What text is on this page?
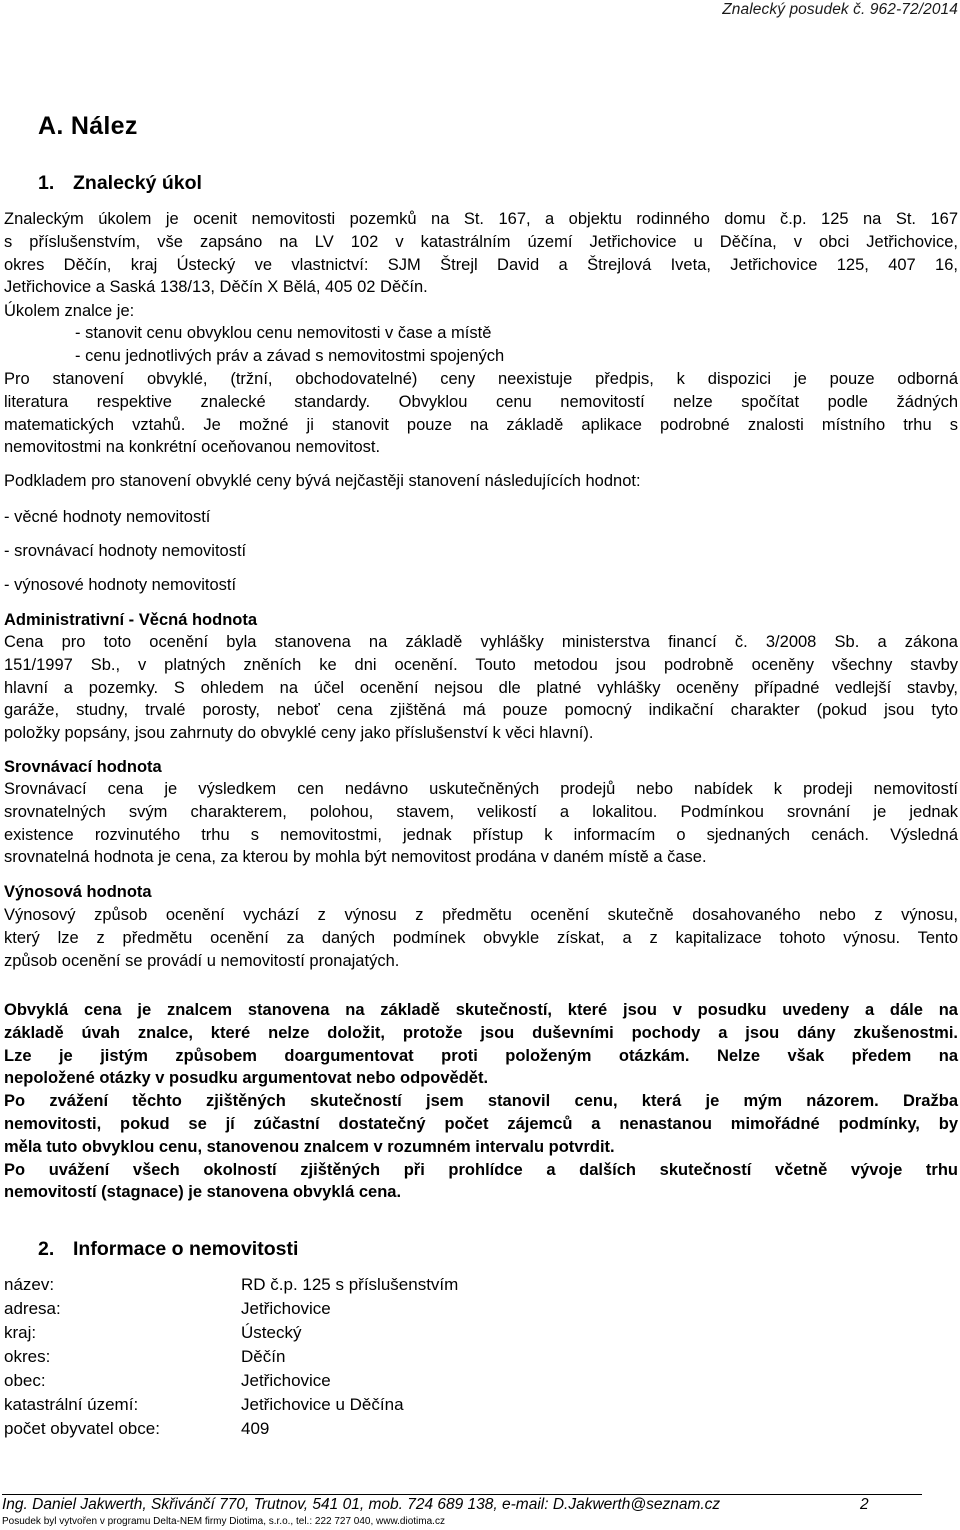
Znalecký posudek č. 962-72/2014
A. Nález
1. Znalecký úkol
Znaleckým úkolem je ocenit nemovitosti pozemků na St. 167, a objektu rodinného domu č.p. 125 na St. 167
s příslušenstvím, vše zapsáno na LV 102 v katastrálním území Jetřichovice u Děčína, v obci Jetřichovice,
okres Děčín, kraj Ústecký ve vlastnictví: SJM Štrejl David a Štrejlová Iveta, Jetřichovice 125, 407 16,
Jetřichovice a Saská 138/13, Děčín X Bělá, 405 02 Děčín.
Úkolem znalce je:
- stanovit cenu obvyklou cenu nemovitosti v čase a místě
- cenu jednotlivých práv a závad s nemovitostmi spojených
Pro stanovení obvyklé, (tržní, obchodovatelné) ceny neexistuje předpis, k dispozici je pouze odborná
literatura respektive znalecké standardy. Obvyklou cenu nemovitostí nelze spočítat podle žádných
matematických vztahů. Je možné ji stanovit pouze na základě aplikace podrobné znalosti místního trhu s
nemovitostmi na konkrétní oceňovanou nemovitost.
Podkladem pro stanovení obvyklé ceny bývá nejčastěji stanovení následujících hodnot:
- věcné hodnoty nemovitostí
- srovnávací hodnoty nemovitostí
- výnosové hodnoty nemovitostí
Administrativní - Věcná hodnota
Cena pro toto ocenění byla stanovena na základě vyhlášky ministerstva financí č. 3/2008 Sb. a zákona
151/1997 Sb., v platných zněních ke dni ocenění. Touto metodou jsou podrobně oceněny všechny stavby
hlavní a pozemky. S ohledem na účel ocenění nejsou dle platné vyhlášky oceněny případné vedlejší stavby,
garáže, studny, trvalé porosty, neboť cena zjištěná má pouze pomocný indikační charakter (pokud jsou tyto
položky popsány, jsou zahrnuty do obvyklé ceny jako příslušenství k věci hlavní).
Srovnávací hodnota
Srovnávací cena je výsledkem cen nedávno uskutečněných prodejů nebo nabídek k prodeji nemovitostí
srovnatelných svým charakterem, polohou, stavem, velikostí a lokalitou. Podmínkou srovnání je jednak
existence rozvinutého trhu s nemovitostmi, jednak přístup k informacím o sjednaných cenách. Výsledná
srovnatelná hodnota je cena, za kterou by mohla být nemovitost prodána v daném místě a čase.
Výnosová hodnota
Výnosový způsob ocenění vychází z výnosu z předmětu ocenění skutečně dosahovaného nebo z výnosu,
který lze z předmětu ocenění za daných podmínek obvykle získat, a z kapitalizace tohoto výnosu. Tento
způsob ocenění se provádí u nemovitostí pronajatých.
Obvyklá cena je znalcem stanovena na základě skutečností, které jsou v posudku uvedeny a dále na
základě úvah znalce, které nelze doložit, protože jsou duševními pochody a jsou dány zkušenostmi.
Lze je jistým způsobem doargumentovat proti položeným otázkám. Nelze však předem na
nepoložené otázky v posudku argumentovat nebo odpovědět.
Po zvážení těchto zjištěných skutečností jsem stanovil cenu, která je mým názorem. Dražba
nemovitosti, pokud se jí zúčastní dostatečný počet zájemců a nenastanou mimořádné podmínky, by
měla tuto obvyklou cenu, stanovenou znalcem v rozumném intervalu potvrdit.
Po uvážení všech okolností zjištěných při prohlídce a dalších skutečností včetně vývoje trhu
nemovitostí (stagnace) je stanovena obvyklá cena.
2. Informace o nemovitosti
název:	RD č.p. 125 s příslušenstvím
adresa:	Jetřichovice
kraj:	Ústecký
okres:	Děčín
obec:	Jetřichovice
katastrální území:	Jetřichovice u Děčína
počet obyvatel obce:	409
Ing. Daniel Jakwerth, Skřivánčí 770, Trutnov, 541 01, mob. 724 689 138, e-mail: D.Jakwerth@seznam.cz	2
Posudek byl vytvořen v programu Delta-NEM firmy Diotima, s.r.o., tel.: 222 727 040, www.diotima.cz
